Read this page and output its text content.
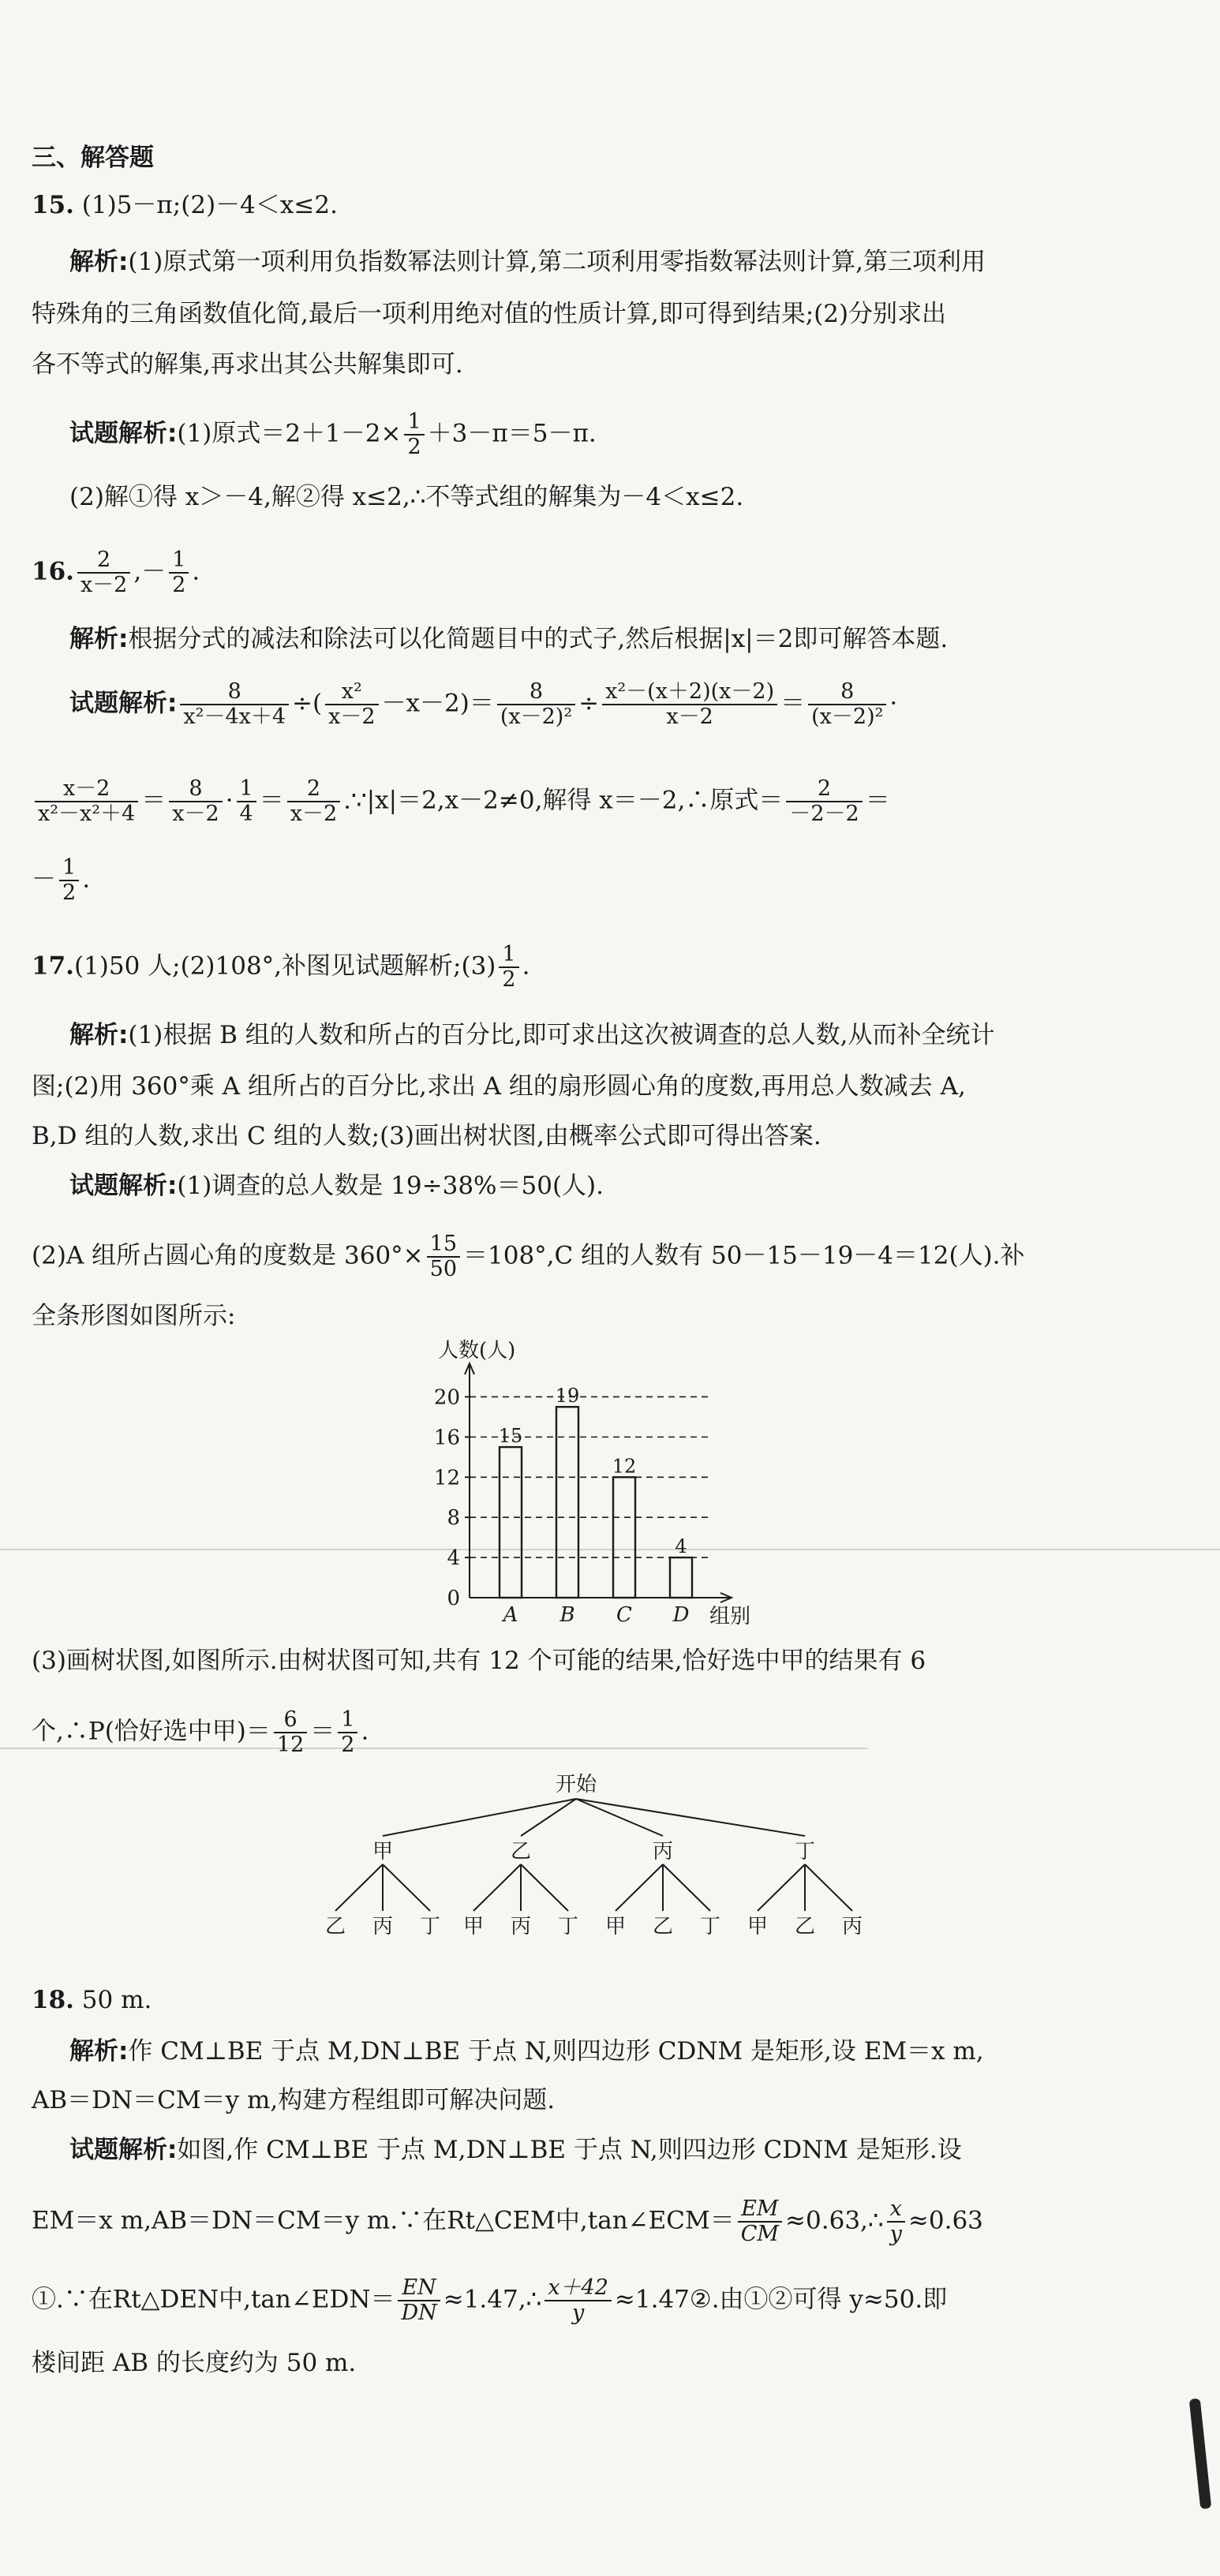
三、解答题
15. (1)5－π;(2)－4＜x≤2.
解析:(1)原式第一项利用负指数幂法则计算,第二项利用零指数幂法则计算,第三项利用
特殊角的三角函数值化简,最后一项利用绝对值的性质计算,即可得到结果;(2)分别求出
各不等式的解集,再求出其公共解集即可.
试题解析:(1)原式$=2+1-2\times \frac{1}{2} +3-\pi=5-\pi$.
(2)解①得 x＞－4,解②得 x≤2,∴不等式组的解集为－4＜x≤2.
16. $\frac{2}{x-2}$ ,－ $\frac{1}{2}$ .
解析:根据分式的减法和除法可以化简题目中的式子,然后根据|x|＝2即可解答本题.
试题解析: $\frac{8}{\text{x²－4x＋4}}$ ÷( $\frac{\text{x²}}{x-2} -x-2)= \frac{8}{\text{(x－2)²}} \div \frac{\text{x²－(x＋2)(x－2)}}{x-2} = \frac{8}{\text{(x－2)²}}$ ·
$\frac{x-2}{\text{x²－x²＋4}} = \frac{8}{x-2} \cdot \frac{1}{4} = \frac{2}{x-2}$ .∵|x|＝2,x－2≠0,解得 x＝－2,∴原式＝ $\frac{2}{-2-2}$ ＝
－ $\frac{1}{2}$ .
17.(1)50 人;(2)108°,补图见试题解析;(3) $\frac{1}{2}$ .
解析:(1)根据 B 组的人数和所占的百分比,即可求出这次被调查的总人数,从而补全统计
图;(2)用 360°乘 A 组所占的百分比,求出 A 组的扇形圆心角的度数,再用总人数减去 A,
B,D 组的人数,求出 C 组的人数;(3)画出树状图,由概率公式即可得出答案.
试题解析:(1)调查的总人数是 19÷38%＝50(人).
(2)A 组所占圆心角的度数是 $360^\circ\times \frac{15}{50} =108^\circ,C$ 组的人数有 50－15－19－4＝12(人).补
全条形图如图所示:
人数(人)
0
4
8
12
16
20
15
A
19
B
12
C
4
D 组别
(3)画树状图,如图所示.由树状图可知,共有 12 个可能的结果,恰好选中甲的结果有 6
个,∴P(恰好选中甲)＝ $\frac{6}{12} = \frac{1}{2}$ .
开始
甲
乙 丙 丁
乙
甲 丙 丁
丙
甲 乙 丁
丁
甲 乙 丙
18. 50 m.
解析:作 CM⊥BE 于点 M,DN⊥BE 于点 N,则四边形 CDNM 是矩形,设 EM＝x m,
AB＝DN＝CM＝y m,构建方程组即可解决问题.
试题解析:如图,作 CM⊥BE 于点 M,DN⊥BE 于点 N,则四边形 CDNM 是矩形.设
EM＝x m,AB＝DN＝CM＝y m.∵在Rt△CEM中,tan∠ECM＝ $\frac{EM}{CM}$ ≈0.63,∴ $\frac{x}{y} \approx 0.63$
①.∵在Rt△DEN中,tan∠EDN＝ $\frac{EN}{DN}$ ≈1.47,∴ $\frac{x+42}{y}$ ≈1.47②.由①②可得 y≈50.即
楼间距 AB 的长度约为 50 m.
